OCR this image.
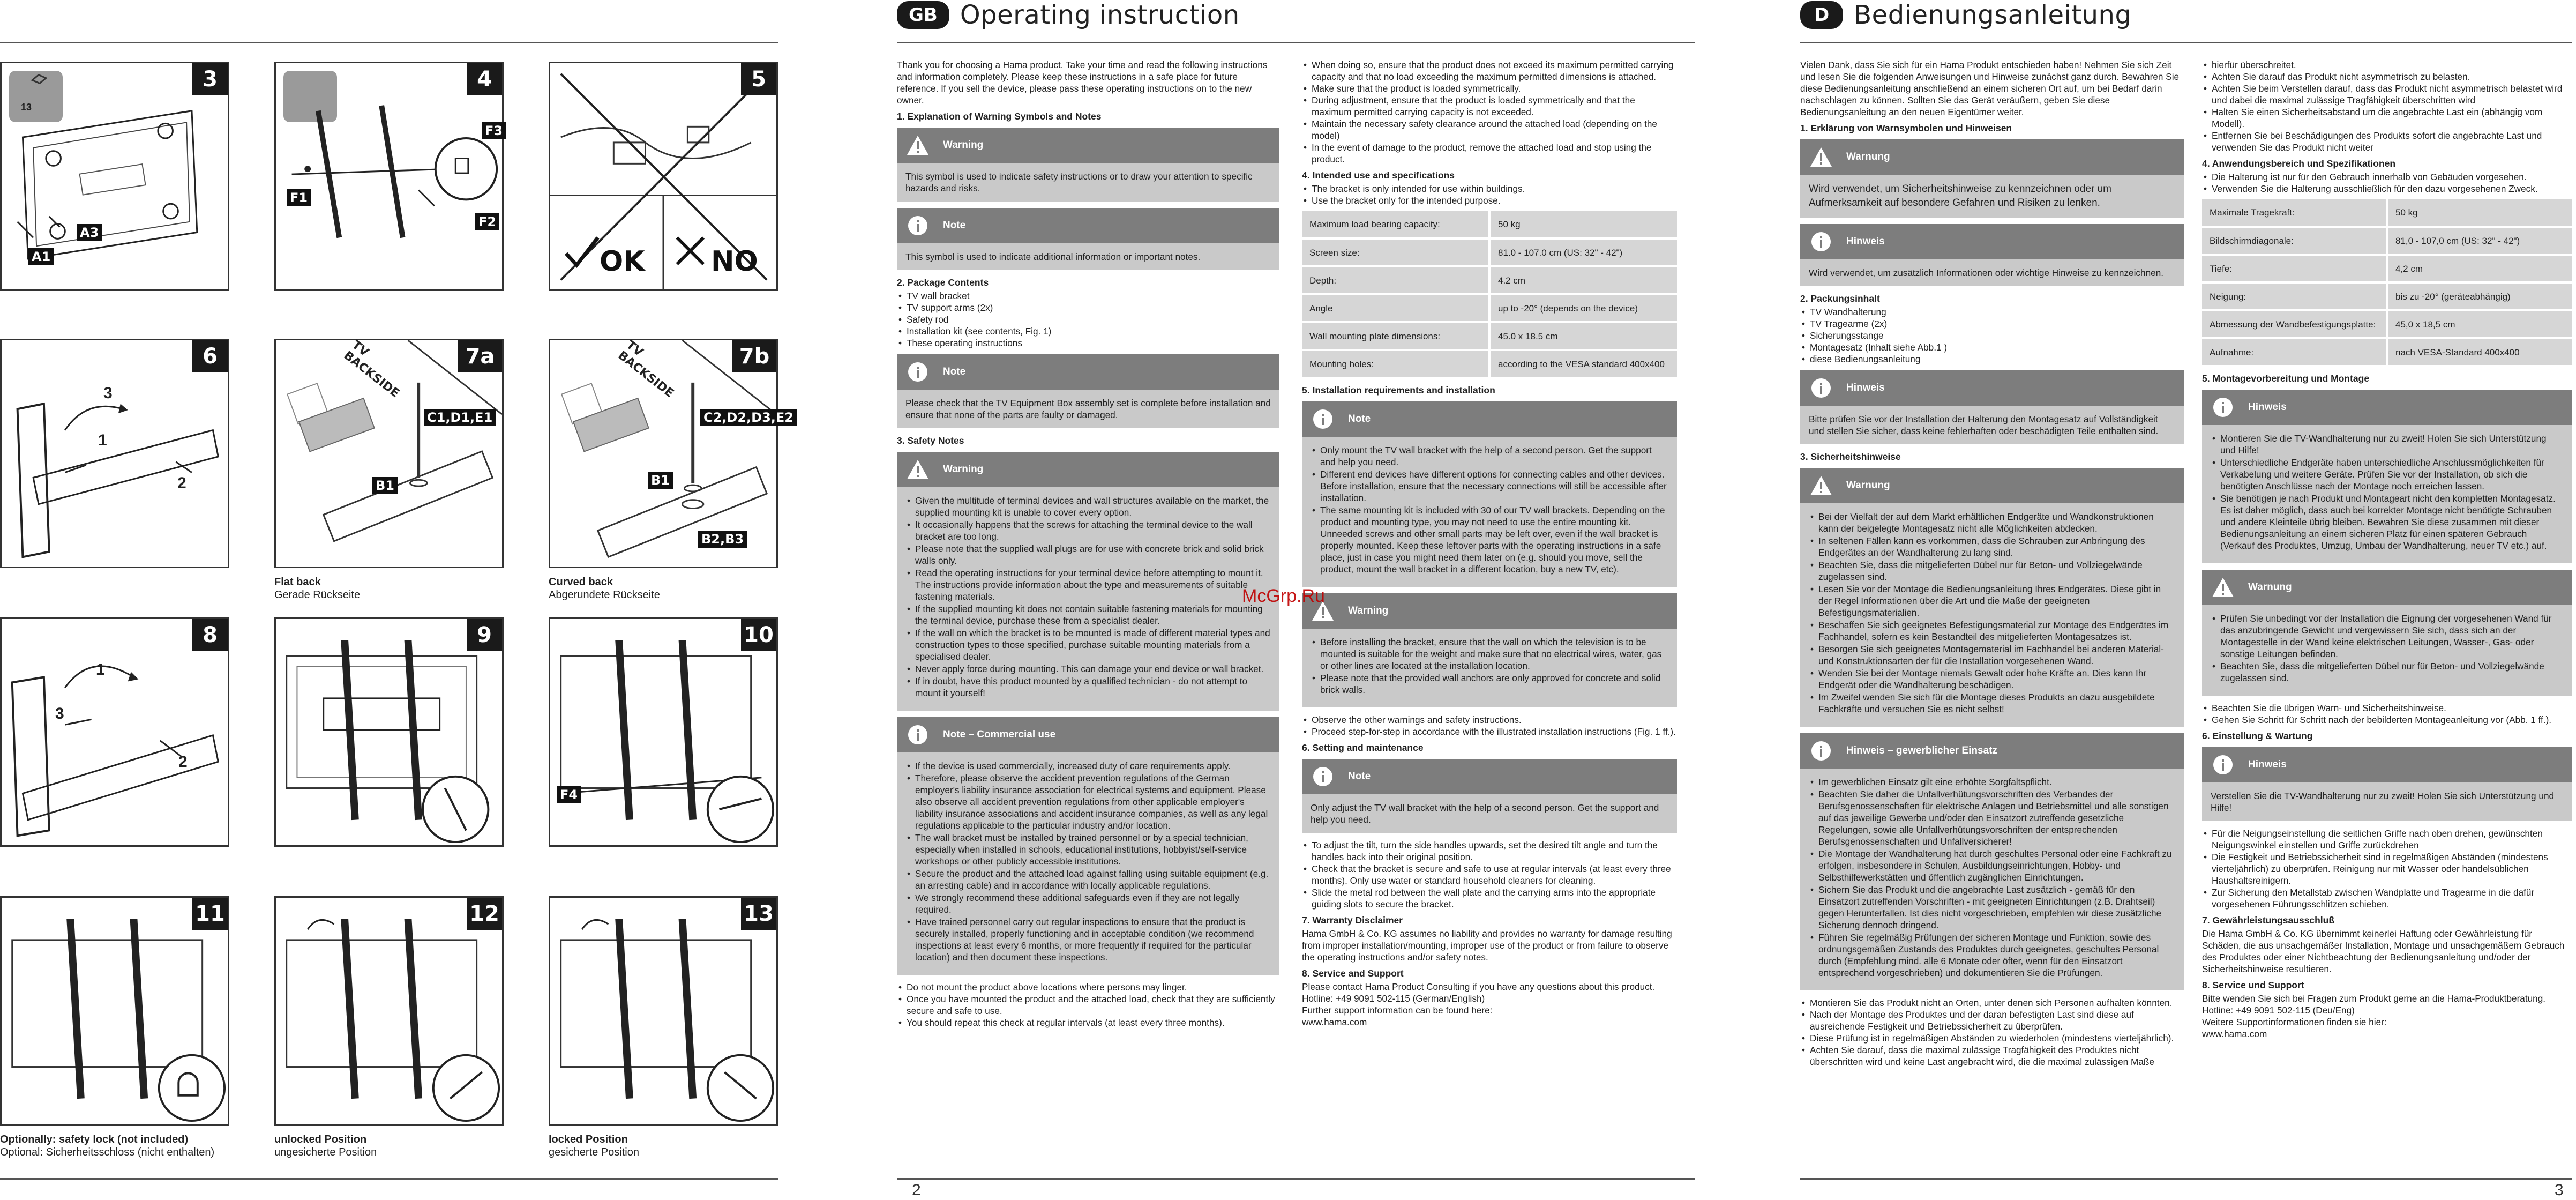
13
A3
A1
3
F1
F2
F3
4
OK NO
5
3
1
2
6	TV BACKSIDE
C1,D1,E1
B1
7a
Flat back
Gerade Rückseite
TV BACKSIDE
C2,D2,D3,E2
B1
B2,B3
7b
Curved back
Abgerundete Rückseite
1
3
2
8	9
F4
10
11
Optionally: safety lock (not included)
Optional: Sicherheitsschloss (nicht enthalten)
12
unlocked Position
ungesicherte Position
13
locked Position
gesicherte Position
GB Operating instruction
2

Thank you for choosing a Hama product. Take your time and read the following instructions and information completely. Please keep these instructions in a safe place for future reference. If you sell the device, please pass these operating instructions on to the new owner.

1. Explanation of Warning Symbols and Notes
Warning
This symbol is used to indicate safety instructions or to draw your attention to specific hazards and risks.
Note
This symbol is used to indicate additional information or important notes.
2. Package Contents
• TV wall bracket
• TV support arms (2x)
• Safety rod
• Installation kit (see contents, Fig. 1)
• These operating instructions
Note
Please check that the TV Equipment Box assembly set is complete before installation and ensure that none of the parts are faulty or damaged.
3. Safety Notes
Warning
• Given the multitude of terminal devices and wall structures available on the market, the supplied mounting kit is unable to cover every option.
• It occasionally happens that the screws for attaching the terminal device to the wall bracket are too long.
• Please note that the supplied wall plugs are for use with concrete brick and solid brick walls only.
• Read the operating instructions for your terminal device before attempting to mount it. The instructions provide information about the type and measurements of suitable fastening materials.
• If the supplied mounting kit does not contain suitable fastening materials for mounting the terminal device, purchase these from a specialist dealer.
• If the wall on which the bracket is to be mounted is made of different material types and construction types to those specified, purchase suitable mounting materials from a specialised dealer.
• Never apply force during mounting. This can damage your end device or wall bracket.
• If in doubt, have this product mounted by a qualified technician - do not attempt to mount it yourself!
Note – Commercial use
• If the device is used commercially, increased duty of care requirements apply.
• Therefore, please observe the accident prevention regulations of the German employer's liability insurance association for electrical systems and equipment. Please also observe all accident prevention regulations from other applicable employer's liability insurance associations and accident insurance companies, as well as any legal regulations applicable to the particular industry and/or location.
• The wall bracket must be installed by trained personnel or by a special technician, especially when installed in schools, educational institutions, hobbyist/self-service workshops or other publicly accessible institutions.
• Secure the product and the attached load against falling using suitable equipment (e.g. an arresting cable) and in accordance with locally applicable regulations.
• We strongly recommend these additional safeguards even if they are not legally required.
• Have trained personnel carry out regular inspections to ensure that the product is securely installed, properly functioning and in acceptable condition (we recommend inspections at least every 6 months, or more frequently if required for the particular location) and then document these inspections.
• Do not mount the product above locations where persons may linger.
• Once you have mounted the product and the attached load, check that they are sufficiently secure and safe to use.
• You should repeat this check at regular intervals (at least every three months).
• When doing so, ensure that the product does not exceed its maximum permitted carrying capacity and that no load exceeding the maximum permitted dimensions is attached.
• Make sure that the product is loaded symmetrically.
• During adjustment, ensure that the product is loaded symmetrically and that the maximum permitted carrying capacity is not exceeded.
• Maintain the necessary safety clearance around the attached load (depending on the model)
• In the event of damage to the product, remove the attached load and stop using the product.
4. Intended use and specifications
• The bracket is only intended for use within buildings.
• Use the bracket only for the intended purpose.
Maximum load bearing capacity:	50 kg
Screen size:	81.0 - 107.0 cm (US: 32" - 42")
Depth:	4.2 cm
Angle	up to -20° (depends on the device)
Wall mounting plate dimensions:	45.0 x 18.5 cm
Mounting holes:	according to the VESA standard 400x400
5. Installation requirements and installation
Note
• Only mount the TV wall bracket with the help of a second person. Get the support and help you need.
• Different end devices have different options for connecting cables and other devices. Before installation, ensure that the necessary connections will still be accessible after installation.
• The same mounting kit is included with 30 of our TV wall brackets. Depending on the product and mounting type, you may not need to use the entire mounting kit. Unneeded screws and other small parts may be left over, even if the wall bracket is properly mounted. Keep these leftover parts with the operating instructions in a safe place, just in case you might need them later on (e.g. should you move, sell the product, mount the wall bracket in a different location, buy a new TV, etc).
Warning
• Before installing the bracket, ensure that the wall on which the television is to be mounted is suitable for the weight and make sure that no electrical wires, water, gas or other lines are located at the installation location.
• Please note that the provided wall anchors are only approved for concrete and solid brick walls.
• Observe the other warnings and safety instructions.
• Proceed step-for-step in accordance with the illustrated installation instructions (Fig. 1 ff.).
6. Setting and maintenance
Note
Only adjust the TV wall bracket with the help of a second person. Get the support and help you need.
• To adjust the tilt, turn the side handles upwards, set the desired tilt angle and turn the handles back into their original position.
• Check that the bracket is secure and safe to use at regular intervals (at least every three months). Only use water or standard household cleaners for cleaning.
• Slide the metal rod between the wall plate and the carrying arms into the appropriate guiding slots to secure the bracket.
7. Warranty Disclaimer

Hama GmbH & Co. KG assumes no liability and provides no warranty for damage resulting from improper installation/mounting, improper use of the product or from failure to observe the operating instructions and/or safety notes.

8. Service and Support
Please contact Hama Product Consulting if you have any questions about this product.
Hotline: +49 9091 502-115 (German/English)
Further support information can be found here:
www.hama.com
D Bedienungsanleitung
3

Vielen Dank, dass Sie sich für ein Hama Produkt entschieden haben! Nehmen Sie sich Zeit und lesen Sie die folgenden Anweisungen und Hinweise zunächst ganz durch. Bewahren Sie diese Bedienungsanleitung anschließend an einem sicheren Ort auf, um bei Bedarf darin nachschlagen zu können. Sollten Sie das Gerät veräußern, geben Sie diese Bedienungsanleitung an den neuen Eigentümer weiter.

1. Erklärung von Warnsymbolen und Hinweisen
Warnung
Wird verwendet, um Sicherheitshinweise zu kennzeichnen oder um Aufmerksamkeit auf besondere Gefahren und Risiken zu lenken.
Hinweis
Wird verwendet, um zusätzlich Informationen oder wichtige Hinweise zu kennzeichnen.
2. Packungsinhalt
• TV Wandhalterung
• TV Tragearme (2x)
• Sicherungsstange
• Montagesatz (Inhalt siehe Abb.1 )
• diese Bedienungsanleitung
Hinweis
Bitte prüfen Sie vor der Installation der Halterung den Montagesatz auf Vollständigkeit und stellen Sie sicher, dass keine fehlerhaften oder beschädigten Teile enthalten sind.
3. Sicherheitshinweise
Warnung
• Bei der Vielfalt der auf dem Markt erhältlichen Endgeräte und Wandkonstruktionen kann der beigelegte Montagesatz nicht alle Möglichkeiten abdecken.
• In seltenen Fällen kann es vorkommen, dass die Schrauben zur Anbringung des Endgerätes an der Wandhalterung zu lang sind.
• Beachten Sie, dass die mitgelieferten Dübel nur für Beton- und Vollziegelwände zugelassen sind.
• Lesen Sie vor der Montage die Bedienungsanleitung Ihres Endgerätes. Diese gibt in der Regel Informationen über die Art und die Maße der geeigneten Befestigungsmaterialien.
• Beschaffen Sie sich geeignetes Befestigungsmaterial zur Montage des Endgerätes im Fachhandel, sofern es kein Bestandteil des mitgelieferten Montagesatzes ist.
• Besorgen Sie sich geeignetes Montagematerial im Fachhandel bei anderen Material- und Konstruktionsarten der für die Installation vorgesehenen Wand.
• Wenden Sie bei der Montage niemals Gewalt oder hohe Kräfte an. Dies kann Ihr Endgerät oder die Wandhalterung beschädigen.
• Im Zweifel wenden Sie sich für die Montage dieses Produkts an dazu ausgebildete Fachkräfte und versuchen Sie es nicht selbst!
Hinweis – gewerblicher Einsatz
• Im gewerblichen Einsatz gilt eine erhöhte Sorgfaltspflicht.
• Beachten Sie daher die Unfallverhütungsvorschriften des Verbandes der Berufsgenossenschaften für elektrische Anlagen und Betriebsmittel und alle sonstigen auf das jeweilige Gewerbe und/oder den Einsatzort zutreffende gesetzliche Regelungen, sowie alle Unfallverhütungsvorschriften der entsprechenden Berufsgenossenschaften und Unfallversicherer!
• Die Montage der Wandhalterung hat durch geschultes Personal oder eine Fachkraft zu erfolgen, insbesondere in Schulen, Ausbildungseinrichtungen, Hobby- und Selbsthilfewerkstätten und öffentlich zugänglichen Einrichtungen.
• Sichern Sie das Produkt und die angebrachte Last zusätzlich - gemäß für den Einsatzort zutreffenden Vorschriften - mit geeigneten Einrichtungen (z.B. Drahtseil) gegen Herunterfallen. Ist dies nicht vorgeschrieben, empfehlen wir diese zusätzliche Sicherung dennoch dringend.
• Führen Sie regelmäßig Prüfungen der sicheren Montage und Funktion, sowie des ordnungsgemäßen Zustands des Produktes durch geeignetes, geschultes Personal durch (Empfehlung mind. alle 6 Monate oder öfter, wenn für den Einsatzort entsprechend vorgeschrieben) und dokumentieren Sie die Prüfungen.
• Montieren Sie das Produkt nicht an Orten, unter denen sich Personen aufhalten könnten.
• Nach der Montage des Produktes und der daran befestigten Last sind diese auf ausreichende Festigkeit und Betriebssicherheit zu überprüfen.
• Diese Prüfung ist in regelmäßigen Abständen zu wiederholen (mindestens vierteljährlich).
• Achten Sie darauf, dass die maximal zulässige Tragfähigkeit des Produktes nicht überschritten wird und keine Last angebracht wird, die die maximal zulässigen Maße
• hierfür überschreitet.
• Achten Sie darauf das Produkt nicht asymmetrisch zu belasten.
• Achten Sie beim Verstellen darauf, dass das Produkt nicht asymmetrisch belastet wird und dabei die maximal zulässige Tragfähigkeit überschritten wird
• Halten Sie einen Sicherheitsabstand um die angebrachte Last ein (abhängig vom Modell).
• Entfernen Sie bei Beschädigungen des Produkts sofort die angebrachte Last und verwenden Sie das Produkt nicht weiter
4. Anwendungsbereich und Spezifikationen
• Die Halterung ist nur für den Gebrauch innerhalb von Gebäuden vorgesehen.
• Verwenden Sie die Halterung ausschließlich für den dazu vorgesehenen Zweck.
Maximale Tragekraft:	50 kg
Bildschirmdiagonale:	81,0 - 107,0 cm (US: 32" - 42")
Tiefe:	4,2 cm
Neigung:	bis zu -20° (geräteabhängig)
Abmessung der Wandbefestigungsplatte:	45,0 x 18,5 cm
Aufnahme:	nach VESA-Standard 400x400
5. Montagevorbereitung und Montage
Hinweis
• Montieren Sie die TV-Wandhalterung nur zu zweit! Holen Sie sich Unterstützung und Hilfe!
• Unterschiedliche Endgeräte haben unterschiedliche Anschlussmöglichkeiten für Verkabelung und weitere Geräte. Prüfen Sie vor der Installation, ob sich die benötigten Anschlüsse nach der Montage noch erreichen lassen.
• Sie benötigen je nach Produkt und Montageart nicht den kompletten Montagesatz. Es ist daher möglich, dass auch bei korrekter Montage nicht benötigte Schrauben und andere Kleinteile übrig bleiben. Bewahren Sie diese zusammen mit dieser Bedienungsanleitung an einem sicheren Platz für einen späteren Gebrauch (Verkauf des Produktes, Umzug, Umbau der Wandhalterung, neuer TV etc.) auf.
Warnung
• Prüfen Sie unbedingt vor der Installation die Eignung der vorgesehenen Wand für das anzubringende Gewicht und vergewissern Sie sich, dass sich an der Montagestelle in der Wand keine elektrischen Leitungen, Wasser-, Gas- oder sonstige Leitungen befinden.
• Beachten Sie, dass die mitgelieferten Dübel nur für Beton- und Vollziegelwände zugelassen sind.
• Beachten Sie die übrigen Warn- und Sicherheitshinweise.
• Gehen Sie Schritt für Schritt nach der bebilderten Montageanleitung vor (Abb. 1 ff.).
6. Einstellung & Wartung
Hinweis
Verstellen Sie die TV-Wandhalterung nur zu zweit! Holen Sie sich Unterstützung und Hilfe!
• Für die Neigungseinstellung die seitlichen Griffe nach oben drehen, gewünschten Neigungswinkel einstellen und Griffe zurückdrehen
• Die Festigkeit und Betriebssicherheit sind in regelmäßigen Abständen (mindestens vierteljährlich) zu überprüfen. Reinigung nur mit Wasser oder handelsüblichen Haushaltsreinigern.
• Zur Sicherung den Metallstab zwischen Wandplatte und Tragearme in die dafür vorgesehenen Führungsschlitzen schieben.
7. Gewährleistungsausschluß

Die Hama GmbH & Co. KG übernimmt keinerlei Haftung oder Gewährleistung für Schäden, die aus unsachgemäßer Installation, Montage und unsachgemäßem Gebrauch des Produktes oder einer Nichtbeachtung der Bedienungsanleitung und/oder der Sicherheitshinweise resultieren.

8. Service und Support
Bitte wenden Sie sich bei Fragen zum Produkt gerne an die Hama-Produktberatung.
Hotline: +49 9091 502-115 (Deu/Eng)
Weitere Supportinformationen finden sie hier:
www.hama.com
McGrp.Ru
